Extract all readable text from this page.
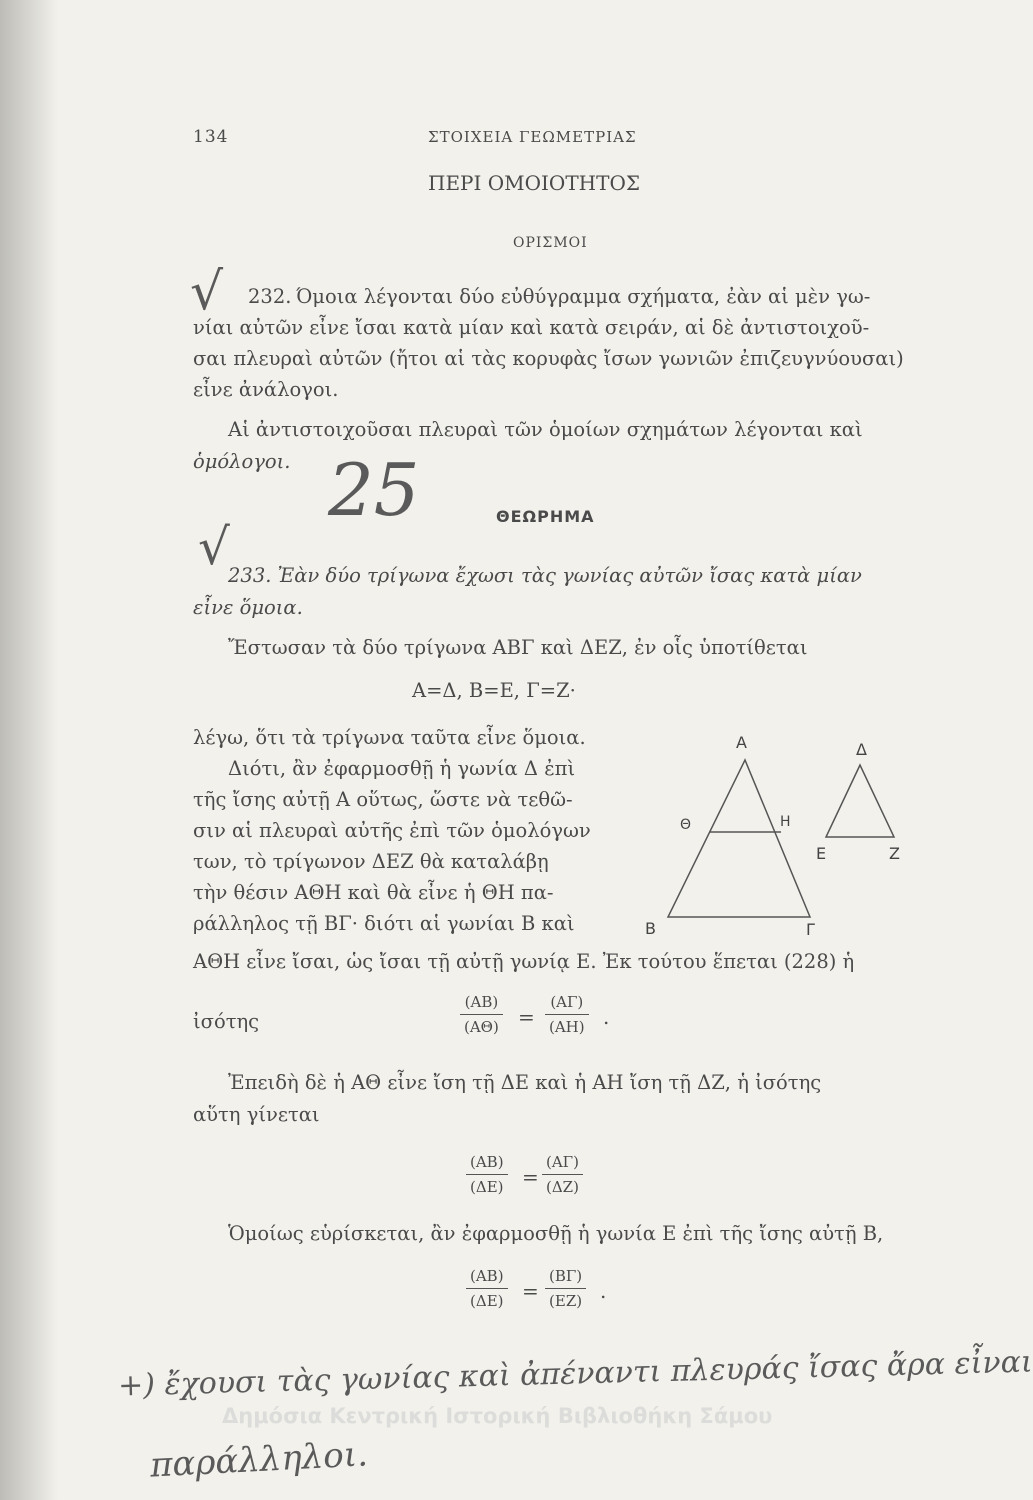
134	ΣΤΟΙΧΕΙΑ ΓΕΩΜΕΤΡΙΑΣ
ΠΕΡΙ ΟΜΟΙΟΤΗΤΟΣ
ΟΡΙΣΜΟΙ
√
√
25
232. Όμοια λέγονται δύο εὐθύγραμμα σχήματα, ἐὰν αἱ μὲν γω-
νίαι αὐτῶν εἶνε ἴσαι κατὰ μίαν καὶ κατὰ σειράν, αἱ δὲ ἀντιστοιχοῦ-
σαι πλευραὶ αὐτῶν (ἤτοι αἱ τὰς κορυφὰς ἴσων γωνιῶν ἐπιζευγνύουσαι)
εἶνε ἀνάλογοι.
Αἱ ἀντιστοιχοῦσαι πλευραὶ τῶν ὁμοίων σχημάτων λέγονται καὶ
ὁμόλογοι.
ΘΕΩΡΗΜΑ
233. Ἐὰν δύο τρίγωνα ἔχωσι τὰς γωνίας αὐτῶν ἴσας κατὰ μίαν
εἶνε ὅμοια.
Ἔστωσαν τὰ δύο τρίγωνα ΑΒΓ καὶ ΔΕΖ, ἐν οἷς ὑποτίθεται
Α=Δ, Β=Ε, Γ=Ζ·
λέγω, ὅτι τὰ τρίγωνα ταῦτα εἶνε ὅμοια.
Διότι, ἂν ἐφαρμοσθῇ ἡ γωνία Δ ἐπὶ
τῆς ἴσης αὐτῇ Α οὕτως, ὥστε νὰ τεθῶ-
σιν αἱ πλευραὶ αὐτῆς ἐπὶ τῶν ὁμολόγων
των, τὸ τρίγωνον ΔΕΖ θὰ καταλάβῃ
τὴν θέσιν ΑΘΗ καὶ θὰ εἶνε ἡ ΘΗ πα-
ράλληλος τῇ ΒΓ· διότι αἱ γωνίαι Β καὶ
ΑΘΗ εἶνε ἴσαι, ὡς ἴσαι τῇ αὐτῇ γωνίᾳ Ε. Ἐκ τούτου ἕπεται (228) ἡ
ἰσότης	$\frac{(AB)}{(A\Theta)} = \frac{(A\Gamma)}{(AH)}$ .
Ἐπειδὴ δὲ ἡ ΑΘ εἶνε ἴση τῇ ΔΕ καὶ ἡ ΑΗ ἴση τῇ ΔΖ, ἡ ἰσότης
αὕτη γίνεται
$\frac{(AB)}{(\Delta E)} = \frac{(A\Gamma)}{(\Delta Z)}$
Ὁμοίως εὑρίσκεται, ἂν ἐφαρμοσθῇ ἡ γωνία Ε ἐπὶ τῆς ἴσης αὐτῇ Β,
$\frac{(AB)}{(\Delta E)} = \frac{(B\Gamma)}{(EZ)}$ .
Α
Β	Γ
Θ	Η
Δ
Ε	Ζ
+) ἔχουσι τὰς γωνίας καὶ ἀπέναντι πλευράς ἴσας ἄρα εἶναι
παράλληλοι.
Δημόσια Κεντρική Ιστορική Βιβλιοθήκη Σάμου
